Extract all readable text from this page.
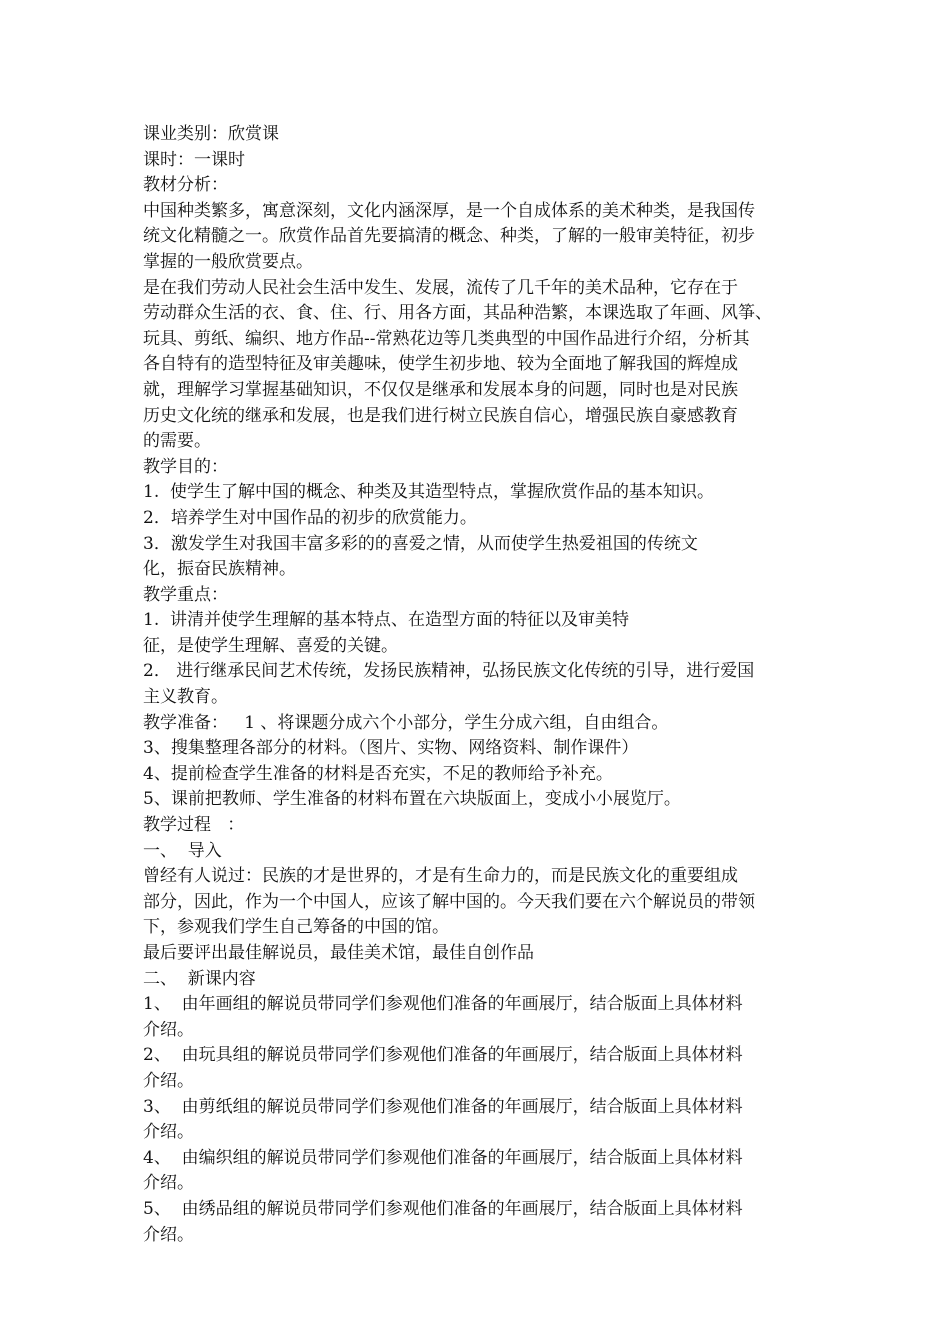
课业类别：欣赏课
课时：一课时
教材分析：
中国种类繁多，寓意深刻，文化内涵深厚，是一个自成体系的美术种类，是我国传
统文化精髓之一。欣赏作品首先要搞清的概念、种类，了解的一般审美特征，初步
掌握的一般欣赏要点。
是在我们劳动人民社会生活中发生、发展，流传了几千年的美术品种，它存在于
劳动群众生活的衣、食、住、行、用各方面，其品种浩繁，本课选取了年画、风筝、
玩具、剪纸、编织、地方作品--常熟花边等几类典型的中国作品进行介绍，分析其
各自特有的造型特征及审美趣味，使学生初步地、较为全面地了解我国的辉煌成
就，理解学习掌握基础知识，不仅仅是继承和发展本身的问题，同时也是对民族
历史文化统的继承和发展，也是我们进行树立民族自信心，增强民族自豪感教育
的需要。
教学目的：
1.  使学生了解中国的概念、种类及其造型特点，掌握欣赏作品的基本知识。
2．培养学生对中国作品的初步的欣赏能力。
3．激发学生对我国丰富多彩的的喜爱之情，从而使学生热爱祖国的传统文
化，振奋民族精神。
教学重点：
1.  讲清并使学生理解的基本特点、在造型方面的特征以及审美特
征，是使学生理解、喜爱的关键。
2． 进行继承民间艺术传统，发扬民族精神，弘扬民族文化传统的引导，进行爱国
主义教育。
教学准备：   1 、将课题分成六个小部分，学生分成六组，自由组合。
3、搜集整理各部分的材料。（图片、实物、网络资料、制作课件）
4、提前检查学生准备的材料是否充实，不足的教师给予补充。
5、课前把教师、学生准备的材料布置在六块版面上，变成小小展览厅。
教学过程   ：
一、  导入
曾经有人说过：民族的才是世界的，才是有生命力的，而是民族文化的重要组成
部分，因此，作为一个中国人，应该了解中国的。今天我们要在六个解说员的带领
下，参观我们学生自己筹备的中国的馆。
最后要评出最佳解说员，最佳美术馆，最佳自创作品
二、  新课内容
1、  由年画组的解说员带同学们参观他们准备的年画展厅，结合版面上具体材料
介绍。
2、  由玩具组的解说员带同学们参观他们准备的年画展厅，结合版面上具体材料
介绍。
3、  由剪纸组的解说员带同学们参观他们准备的年画展厅，结合版面上具体材料
介绍。
4、  由编织组的解说员带同学们参观他们准备的年画展厅，结合版面上具体材料
介绍。
5、  由绣品组的解说员带同学们参观他们准备的年画展厅，结合版面上具体材料
介绍。
